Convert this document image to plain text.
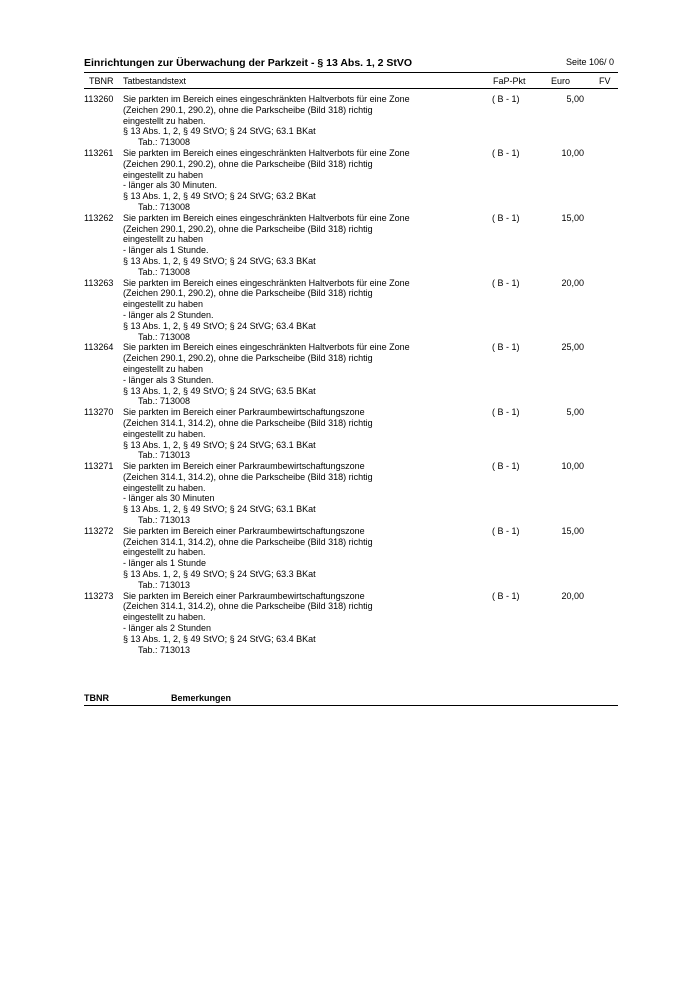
Einrichtungen zur Überwachung der Parkzeit - § 13 Abs. 1, 2 StVO	Seite 106/ 0
TBNR Tatbestandstext	FaP-Pkt	Euro	FV
113260 Sie parkten im Bereich eines eingeschränkten Haltverbots für eine Zone
(Zeichen 290.1, 290.2), ohne die Parkscheibe (Bild 318) richtig
eingestellt zu haben.
§ 13 Abs. 1, 2, § 49 StVO; § 24 StVG; 63.1 BKat
Tab.: 713008
( B - 1)	5,00
113261 Sie parkten im Bereich eines eingeschränkten Haltverbots für eine Zone
(Zeichen 290.1, 290.2), ohne die Parkscheibe (Bild 318) richtig
eingestellt zu haben
- länger als 30 Minuten.
§ 13 Abs. 1, 2, § 49 StVO; § 24 StVG; 63.2 BKat
Tab.: 713008
( B - 1)	10,00
113262 Sie parkten im Bereich eines eingeschränkten Haltverbots für eine Zone
(Zeichen 290.1, 290.2), ohne die Parkscheibe (Bild 318) richtig
eingestellt zu haben
- länger als 1 Stunde.
§ 13 Abs. 1, 2, § 49 StVO; § 24 StVG; 63.3 BKat
Tab.: 713008
( B - 1)	15,00
113263 Sie parkten im Bereich eines eingeschränkten Haltverbots für eine Zone
(Zeichen 290.1, 290.2), ohne die Parkscheibe (Bild 318) richtig
eingestellt zu haben
- länger als 2 Stunden.
§ 13 Abs. 1, 2, § 49 StVO; § 24 StVG; 63.4 BKat
Tab.: 713008
( B - 1)	20,00
113264 Sie parkten im Bereich eines eingeschränkten Haltverbots für eine Zone
(Zeichen 290.1, 290.2), ohne die Parkscheibe (Bild 318) richtig
eingestellt zu haben
- länger als 3 Stunden.
§ 13 Abs. 1, 2, § 49 StVO; § 24 StVG; 63.5 BKat
Tab.: 713008
( B - 1)	25,00
113270 Sie parkten im Bereich einer Parkraumbewirtschaftungszone
(Zeichen 314.1, 314.2), ohne die Parkscheibe (Bild 318) richtig
eingestellt zu haben.
§ 13 Abs. 1, 2, § 49 StVO; § 24 StVG; 63.1 BKat
Tab.: 713013
( B - 1)	5,00
113271 Sie parkten im Bereich einer Parkraumbewirtschaftungszone
(Zeichen 314.1, 314.2), ohne die Parkscheibe (Bild 318) richtig
eingestellt zu haben.
- länger als 30 Minuten
§ 13 Abs. 1, 2, § 49 StVO; § 24 StVG; 63.1 BKat
Tab.: 713013
( B - 1)	10,00
113272 Sie parkten im Bereich einer Parkraumbewirtschaftungszone
(Zeichen 314.1, 314.2), ohne die Parkscheibe (Bild 318) richtig
eingestellt zu haben.
- länger als 1 Stunde
§ 13 Abs. 1, 2, § 49 StVO; § 24 StVG; 63.3 BKat
Tab.: 713013
( B - 1)	15,00
113273 Sie parkten im Bereich einer Parkraumbewirtschaftungszone
(Zeichen 314.1, 314.2), ohne die Parkscheibe (Bild 318) richtig
eingestellt zu haben.
- länger als 2 Stunden
§ 13 Abs. 1, 2, § 49 StVO; § 24 StVG; 63.4 BKat
Tab.: 713013
( B - 1)	20,00
TBNR	Bemerkungen
